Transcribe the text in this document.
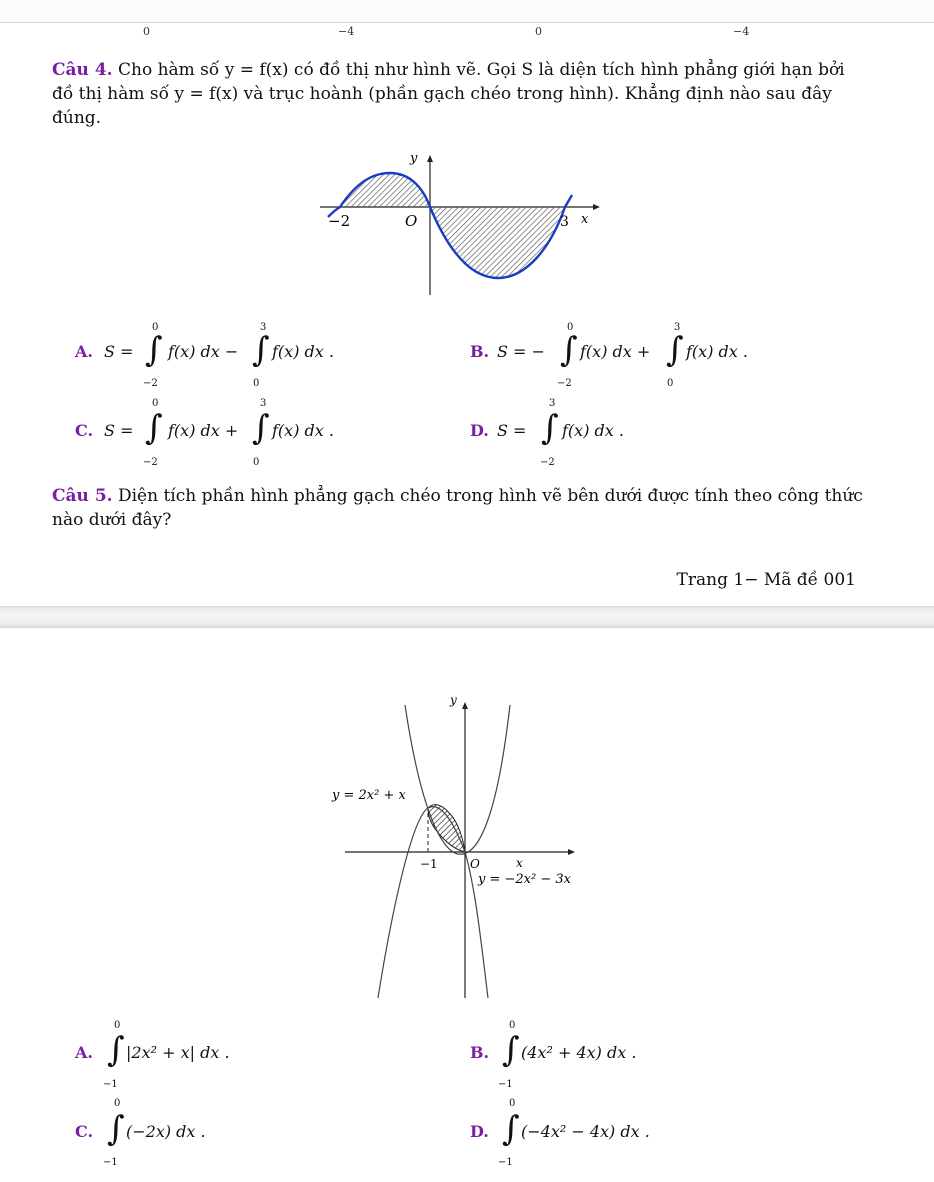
0	−4	0	−4
Câu 4. Cho hàm số y = f(x) có đồ thị như hình vẽ. Gọi S là diện tích hình phẳng giới hạn bởi
đồ thị hàm số y = f(x) và trục hoành (phần gạch chéo trong hình). Khẳng định nào sau đây
đúng.
y
x
−2	O	3
A. S =
0
∫
−2
f(x) dx −
3
∫
0
f(x) dx .	B. S = −
0
∫
−2
f(x) dx +
3
∫
0
f(x) dx .
C. S =
0
∫
−2
f(x) dx +
3
∫
0
f(x) dx .	D. S =
3
∫
−2
f(x) dx .
Câu 5. Diện tích phần hình phẳng gạch chéo trong hình vẽ bên dưới được tính theo công thức
nào dưới đây?
Trang 1− Mã đề 001
y
x
O
−1
y = 2x² + x
y = −2x² − 3x
A.
0
∫
−1
|2x² + x| dx .	B.
0
∫
−1
(4x² + 4x) dx .
C.
0
∫
−1
(−2x) dx .	D.
0
∫
−1
(−4x² − 4x) dx .
